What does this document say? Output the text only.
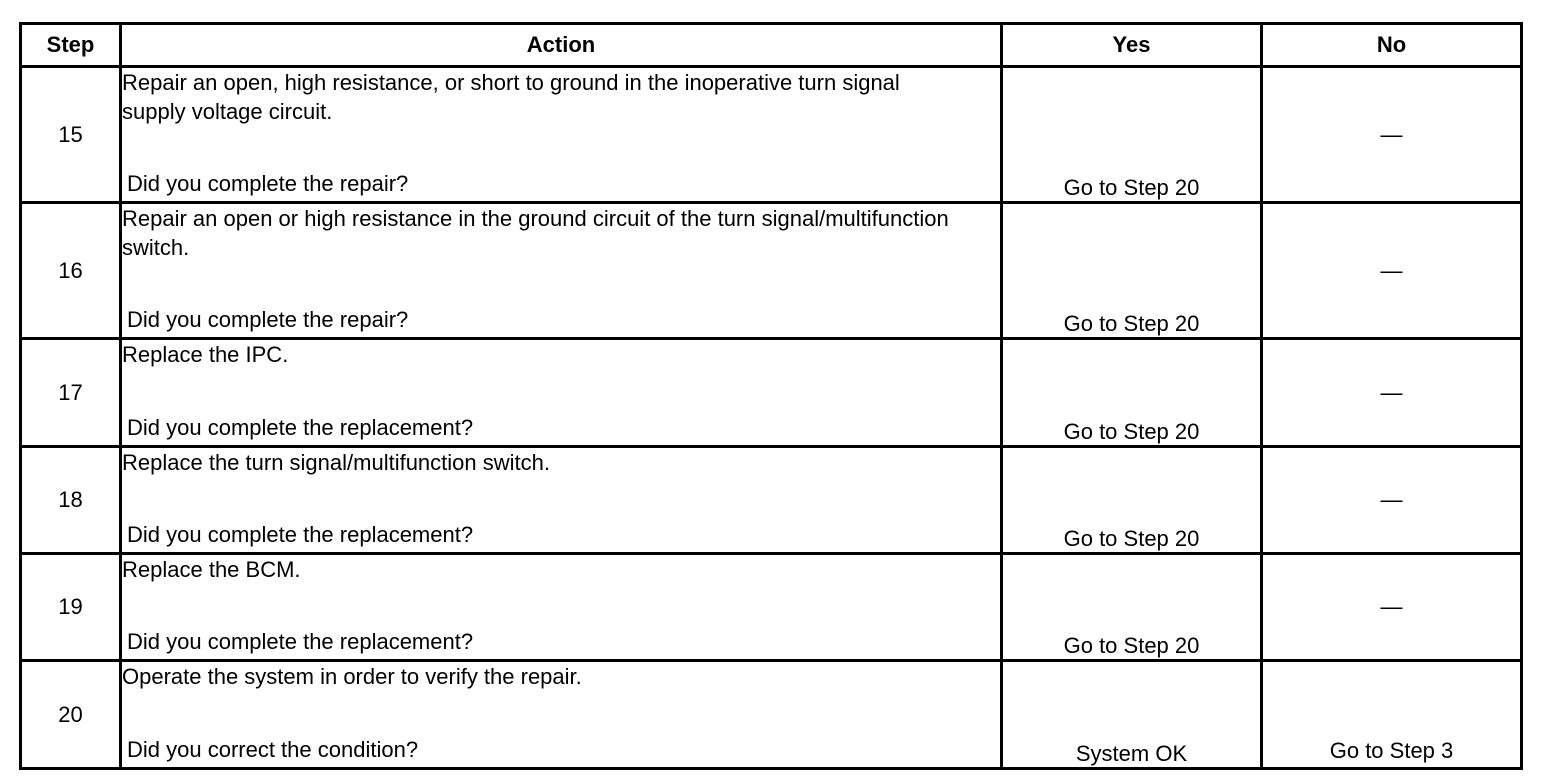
Step	Action	Yes	No
15	Repair an open, high resistance, or short to ground in the inoperative turn signal supply voltage circuit.
Did you complete the repair?	Go to Step 20	—
16	Repair an open or high resistance in the ground circuit of the turn signal/multifunction switch.
Did you complete the repair?	Go to Step 20	—
17	Replace the IPC.
Did you complete the replacement?	Go to Step 20	—
18	Replace the turn signal/multifunction switch.
Did you complete the replacement?	Go to Step 20	—
19	Replace the BCM.
Did you complete the replacement?	Go to Step 20	—
20	Operate the system in order to verify the repair.
Did you correct the condition?	System OK	Go to Step 3
